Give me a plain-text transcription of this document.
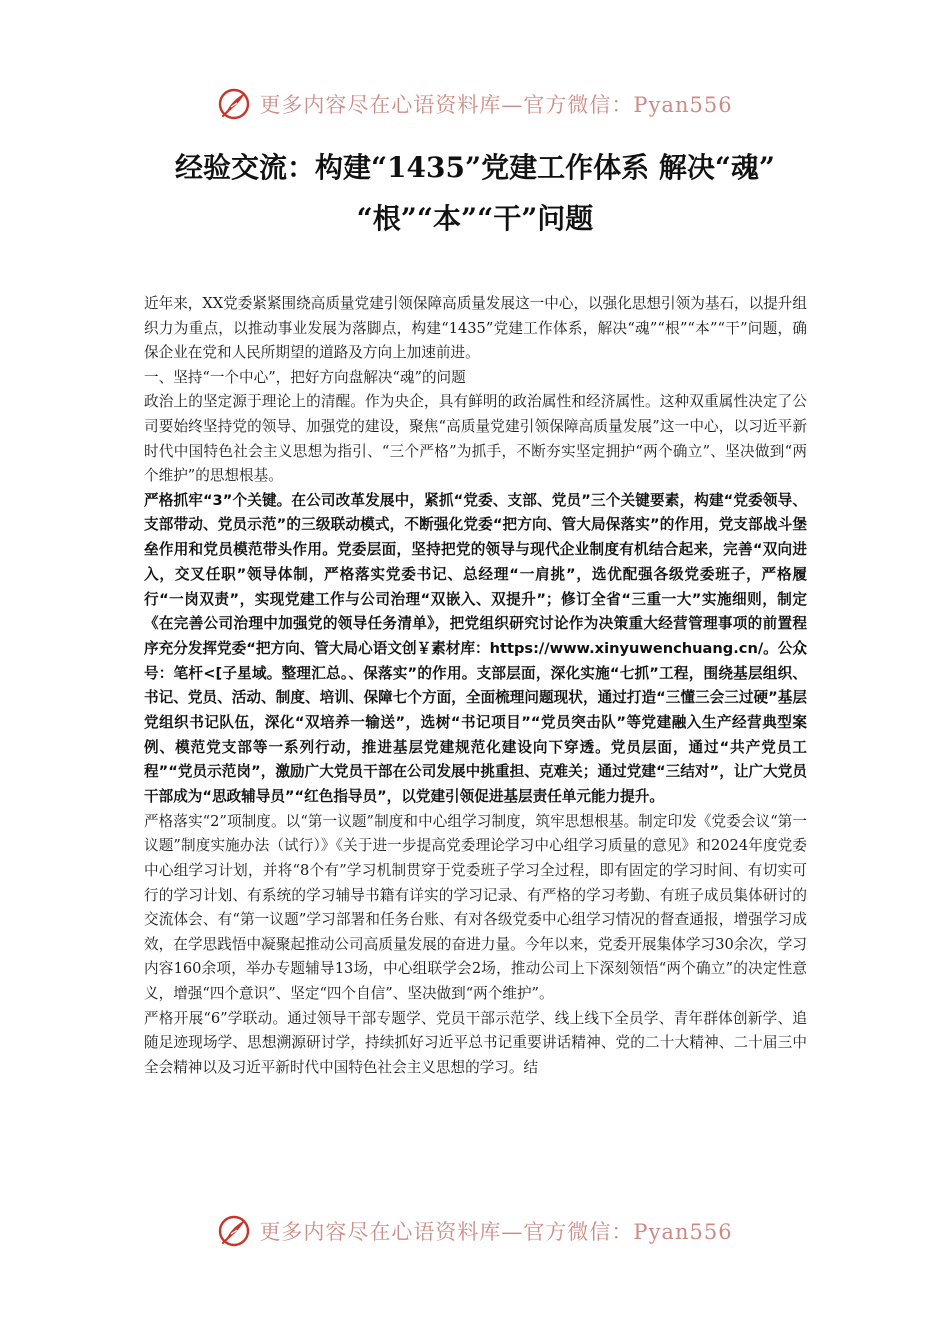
更多内容尽在心语资料库—官方微信：Pyan556
经验交流：构建“1435”党建工作体系 解决“魂”
“根”“本”“干”问题

近年来，XX党委紧紧围绕高质量党建引领保障高质量发展这一中心，以强化思想引领为基石，以提升组织力为重点，以推动事业发展为落脚点，构建“1435”党建工作体系，解决“魂”“根”“本”“干”问题，确保企业在党和人民所期望的道路及方向上加速前进。

一、坚持“一个中心”，把好方向盘解决“魂”的问题

政治上的坚定源于理论上的清醒。作为央企，具有鲜明的政治属性和经济属性。这种双重属性决定了公司要始终坚持党的领导、加强党的建设，聚焦“高质量党建引领保障高质量发展”这一中心，以习近平新时代中国特色社会主义思想为指引、“三个严格”为抓手，不断夯实坚定拥护“两个确立”、坚决做到“两个维护”的思想根基。

严格抓牢“3”个关键。在公司改革发展中，紧抓“党委、支部、党员”三个关键要素，构建“党委领导、支部带动、党员示范”的三级联动模式，不断强化党委“把方向、管大局保落实”的作用，党支部战斗堡垒作用和党员模范带头作用。党委层面，坚持把党的领导与现代企业制度有机结合起来，完善“双向进入，交叉任职”领导体制，严格落实党委书记、总经理“一肩挑”，选优配强各级党委班子，严格履行“一岗双责”，实现党建工作与公司治理“双嵌入、双提升”；修订全省“三重一大”实施细则，制定《在完善公司治理中加强党的领导任务清单》，把党组织研究讨论作为决策重大经营管理事项的前置程序充分发挥党委“把方向、管大局心语文创￥素材库：https://www.xinyuwenchuang.cn/。公众号：笔杆<[子星域。整理汇总。、保落实”的作用。支部层面，深化实施“七抓”工程，围绕基层组织、书记、党员、活动、制度、培训、保障七个方面，全面梳理问题现状，通过打造“三懂三会三过硬”基层党组织书记队伍，深化“双培养一输送”，选树“书记项目”“党员突击队”等党建融入生产经营典型案例、模范党支部等一系列行动，推进基层党建规范化建设向下穿透。党员层面，通过“共产党员工程”“党员示范岗”，激励广大党员干部在公司发展中挑重担、克难关；通过党建“三结对”，让广大党员干部成为“思政辅导员”“红色指导员”，以党建引领促进基层责任单元能力提升。

严格落实“2”项制度。以“第一议题”制度和中心组学习制度，筑牢思想根基。制定印发《党委会议“第一议题”制度实施办法（试行）》《关于进一步提高党委理论学习中心组学习质量的意见》和2024年度党委中心组学习计划，并将“8个有”学习机制贯穿于党委班子学习全过程，即有固定的学习时间、有切实可行的学习计划、有系统的学习辅导书籍有详实的学习记录、有严格的学习考勤、有班子成员集体研讨的交流体会、有“第一议题”学习部署和任务台账、有对各级党委中心组学习情况的督查通报，增强学习成效，在学思践悟中凝聚起推动公司高质量发展的奋进力量。今年以来，党委开展集体学习30余次，学习内容160余项，举办专题辅导13场，中心组联学会2场，推动公司上下深刻领悟“两个确立”的决定性意义，增强“四个意识”、坚定“四个自信”、坚决做到“两个维护”。

严格开展“6”学联动。通过领导干部专题学、党员干部示范学、线上线下全员学、青年群体创新学、追随足迹现场学、思想溯源研讨学，持续抓好习近平总书记重要讲话精神、党的二十大精神、二十届三中全会精神以及习近平新时代中国特色社会主义思想的学习。结

更多内容尽在心语资料库—官方微信：Pyan556
